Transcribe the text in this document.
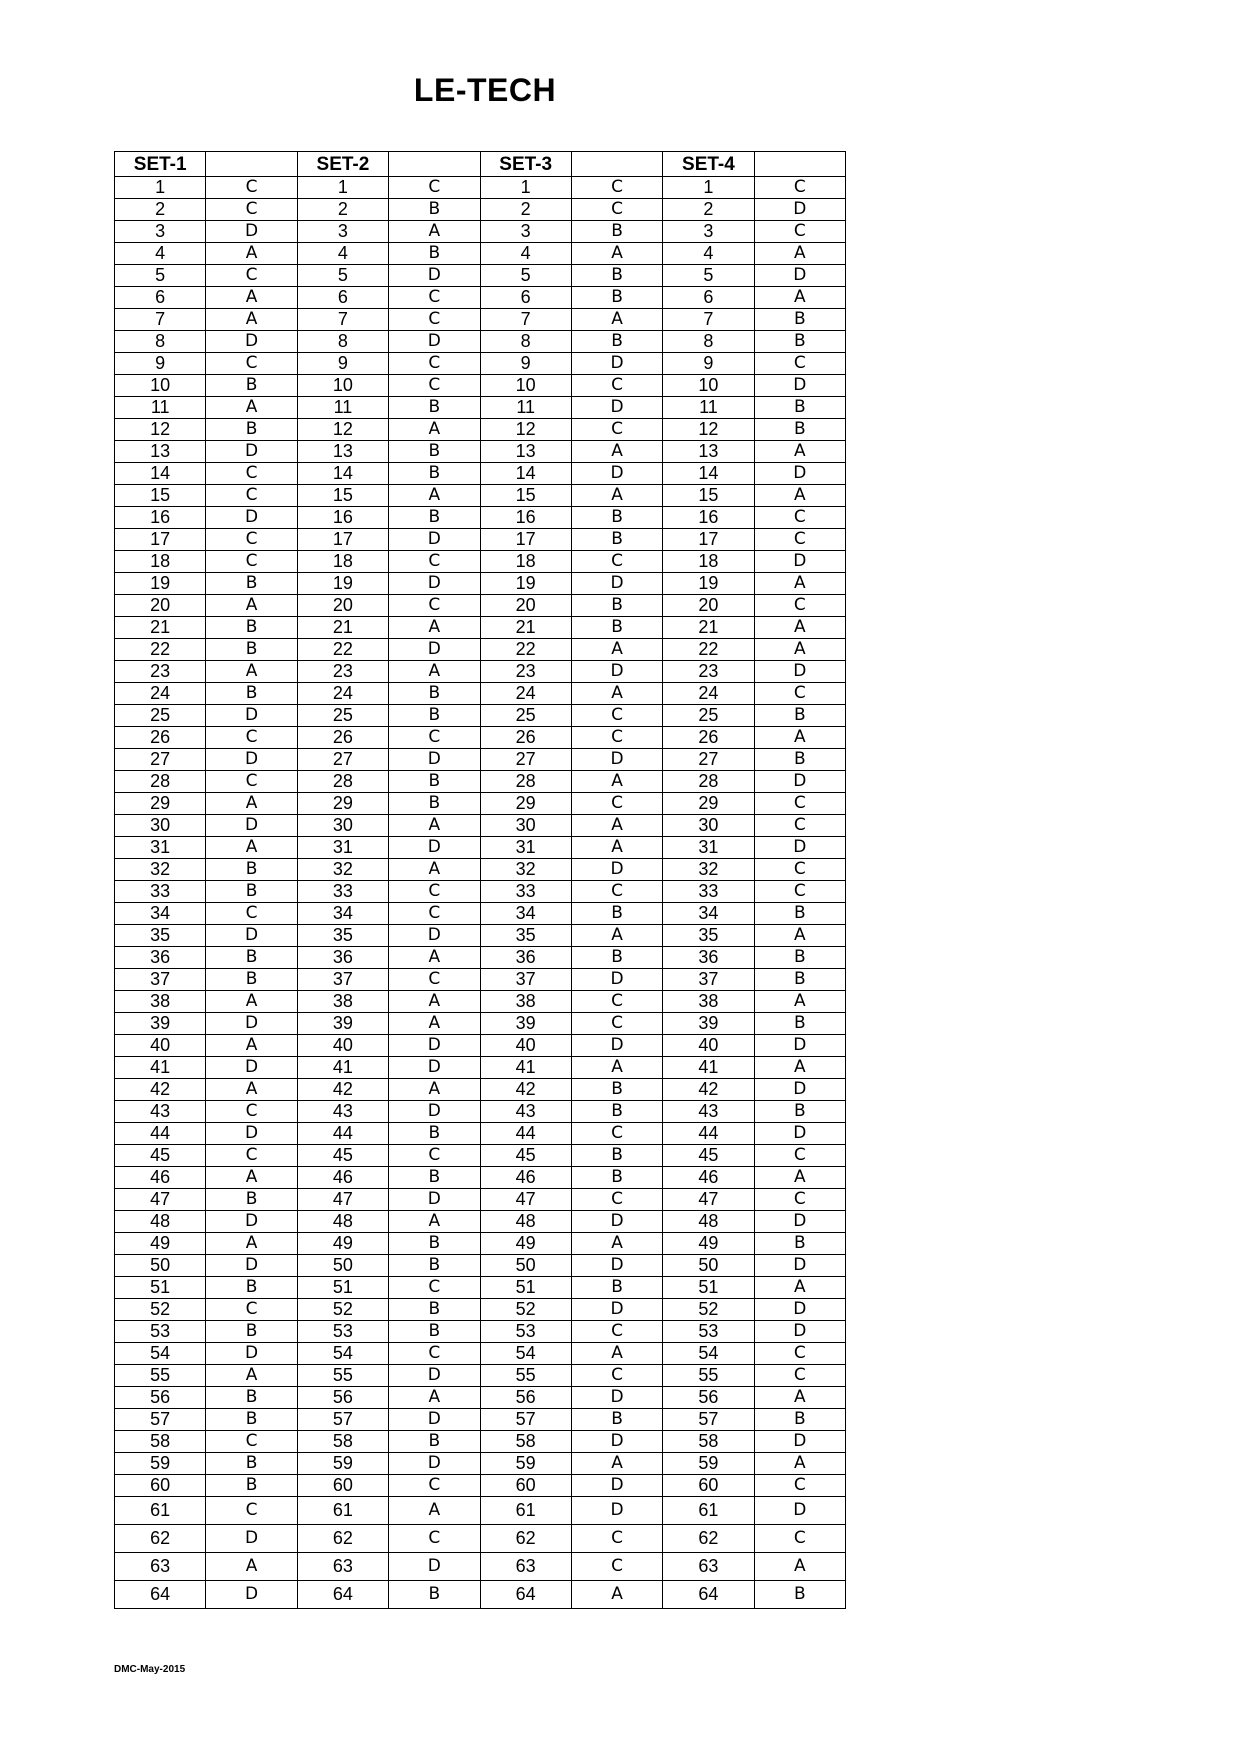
LE-TECH
SET-1		SET-2		SET-3		SET-4	
1	C	1	C	1	C	1	C
2	C	2	B	2	C	2	D
3	D	3	A	3	B	3	C
4	A	4	B	4	A	4	A
5	C	5	D	5	B	5	D
6	A	6	C	6	B	6	A
7	A	7	C	7	A	7	B
8	D	8	D	8	B	8	B
9	C	9	C	9	D	9	C
10	B	10	C	10	C	10	D
11	A	11	B	11	D	11	B
12	B	12	A	12	C	12	B
13	D	13	B	13	A	13	A
14	C	14	B	14	D	14	D
15	C	15	A	15	A	15	A
16	D	16	B	16	B	16	C
17	C	17	D	17	B	17	C
18	C	18	C	18	C	18	D
19	B	19	D	19	D	19	A
20	A	20	C	20	B	20	C
21	B	21	A	21	B	21	A
22	B	22	D	22	A	22	A
23	A	23	A	23	D	23	D
24	B	24	B	24	A	24	C
25	D	25	B	25	C	25	B
26	C	26	C	26	C	26	A
27	D	27	D	27	D	27	B
28	C	28	B	28	A	28	D
29	A	29	B	29	C	29	C
30	D	30	A	30	A	30	C
31	A	31	D	31	A	31	D
32	B	32	A	32	D	32	C
33	B	33	C	33	C	33	C
34	C	34	C	34	B	34	B
35	D	35	D	35	A	35	A
36	B	36	A	36	B	36	B
37	B	37	C	37	D	37	B
38	A	38	A	38	C	38	A
39	D	39	A	39	C	39	B
40	A	40	D	40	D	40	D
41	D	41	D	41	A	41	A
42	A	42	A	42	B	42	D
43	C	43	D	43	B	43	B
44	D	44	B	44	C	44	D
45	C	45	C	45	B	45	C
46	A	46	B	46	B	46	A
47	B	47	D	47	C	47	C
48	D	48	A	48	D	48	D
49	A	49	B	49	A	49	B
50	D	50	B	50	D	50	D
51	B	51	C	51	B	51	A
52	C	52	B	52	D	52	D
53	B	53	B	53	C	53	D
54	D	54	C	54	A	54	C
55	A	55	D	55	C	55	C
56	B	56	A	56	D	56	A
57	B	57	D	57	B	57	B
58	C	58	B	58	D	58	D
59	B	59	D	59	A	59	A
60	B	60	C	60	D	60	C
61	C	61	A	61	D	61	D
62	D	62	C	62	C	62	C
63	A	63	D	63	C	63	A
64	D	64	B	64	A	64	B
DMC-May-2015
